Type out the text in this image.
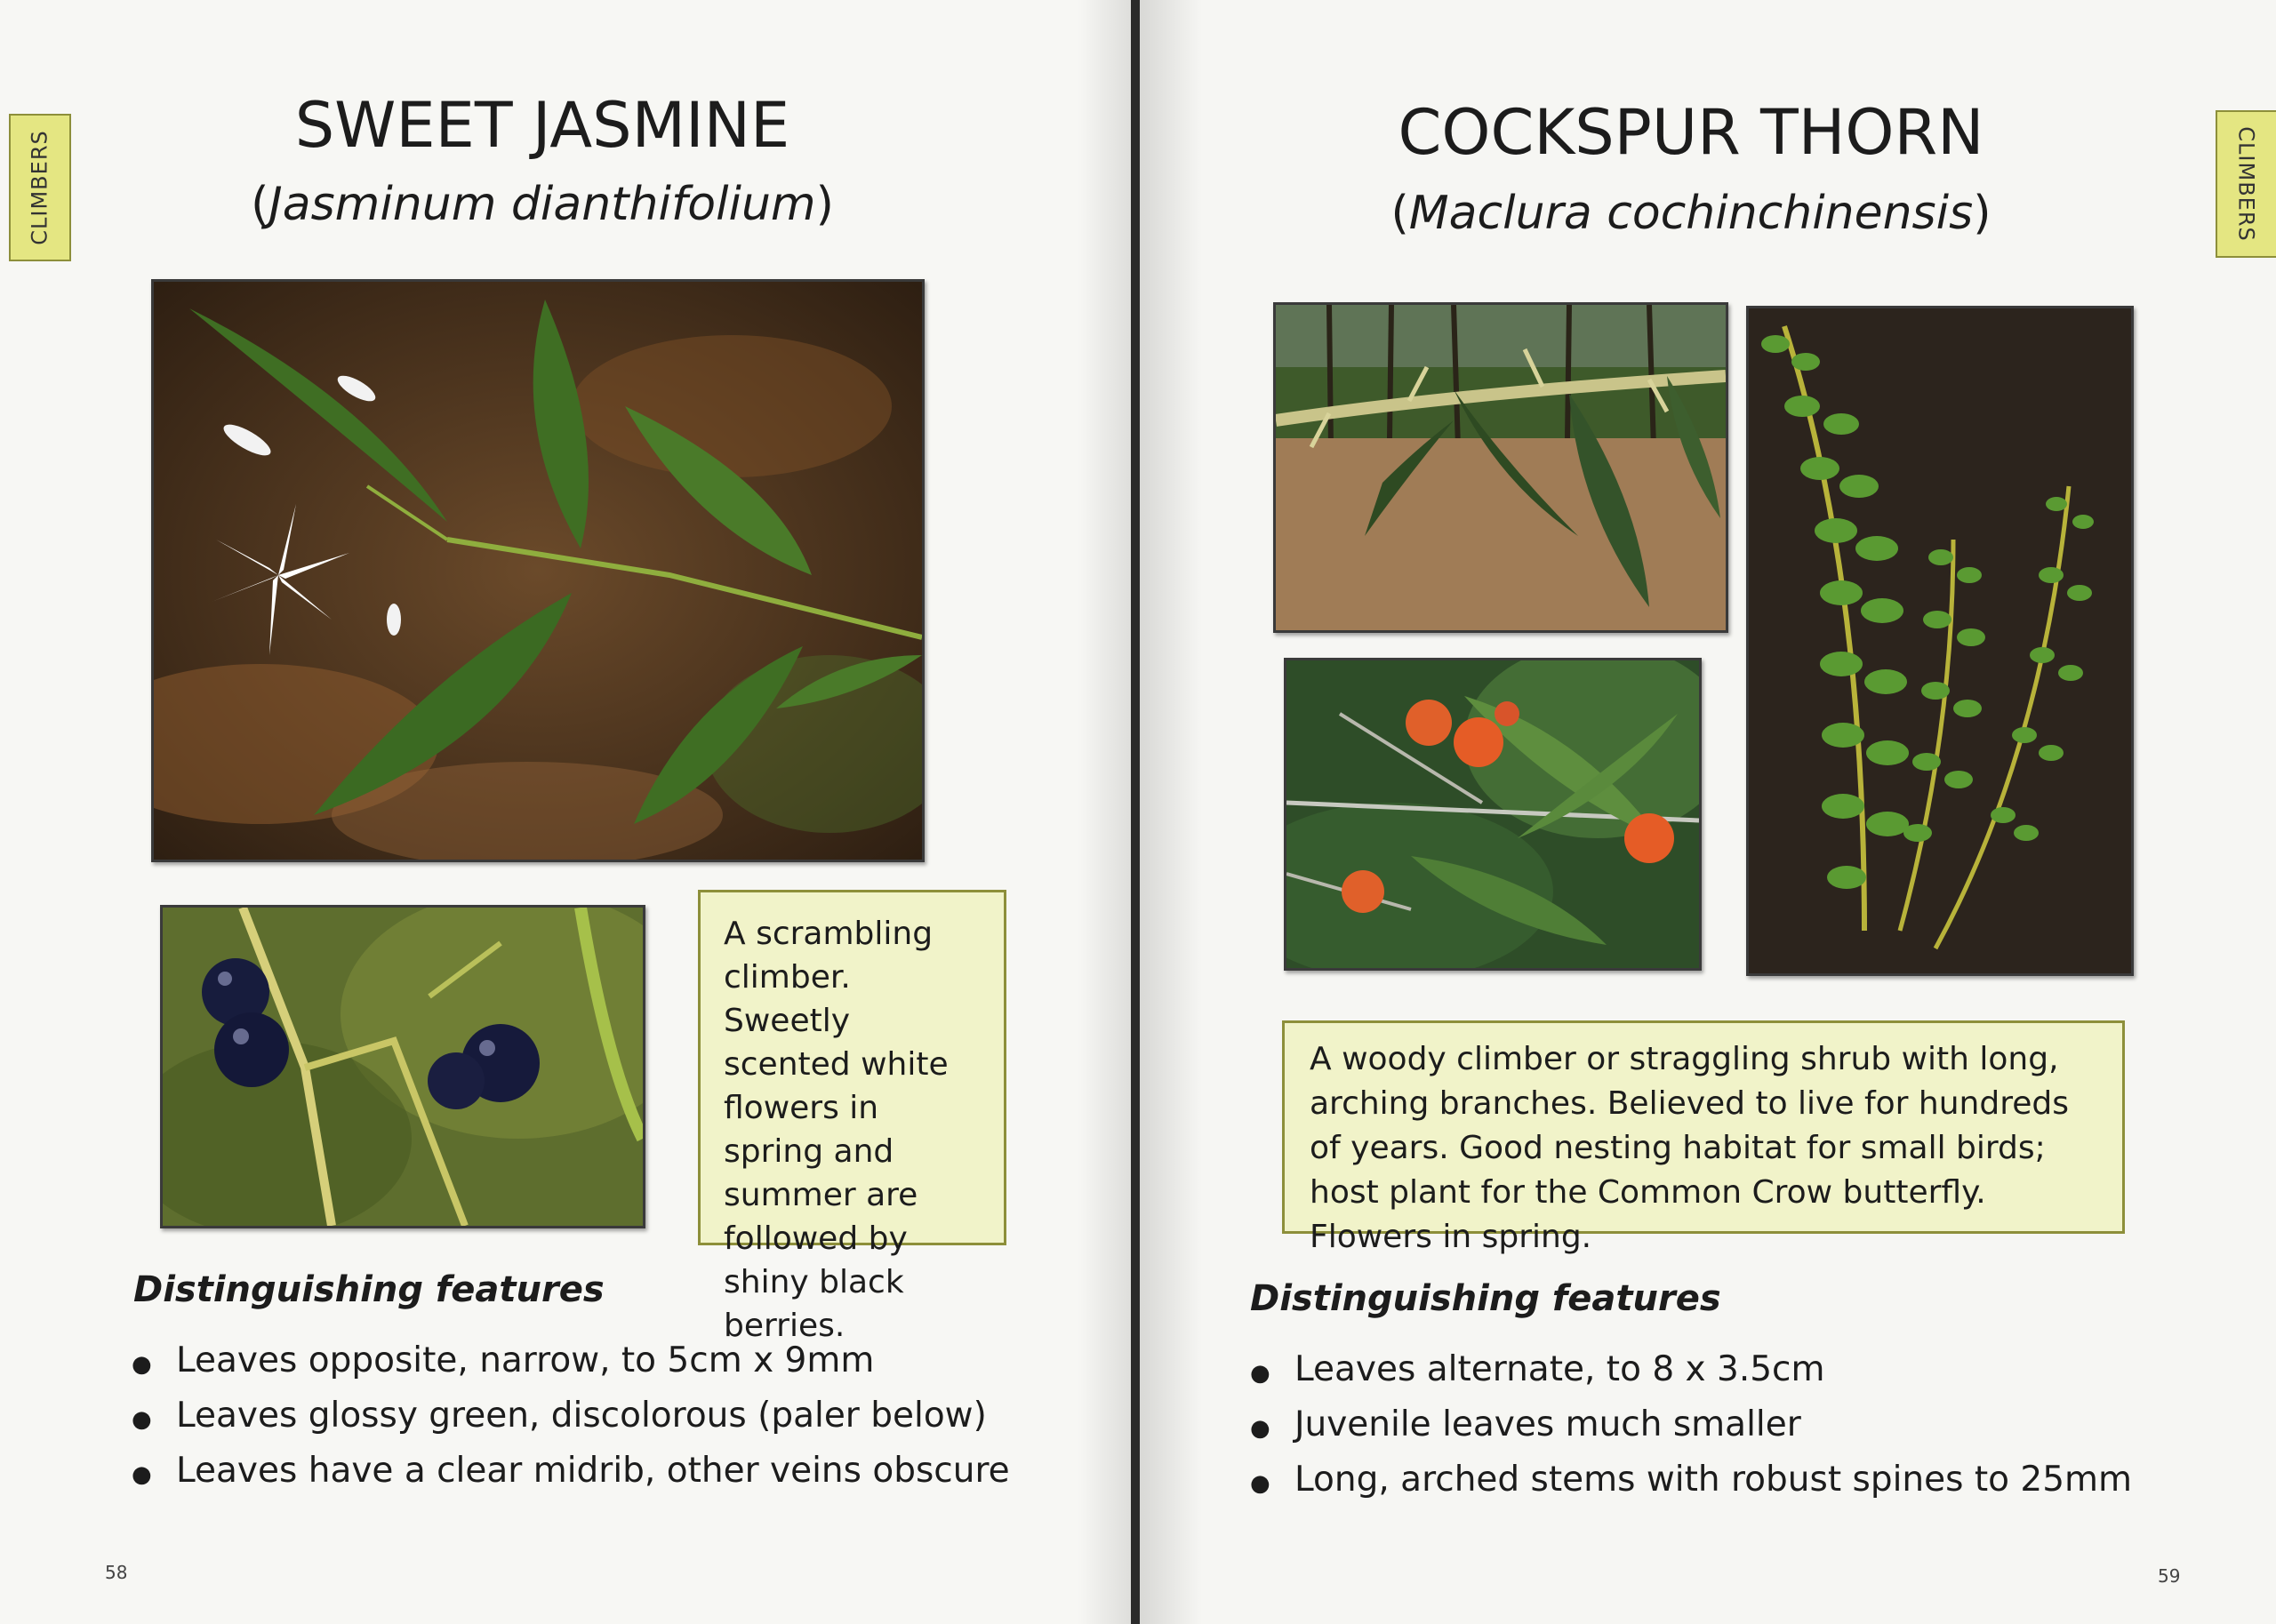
CLIMBERS
SWEET JASMINE
(Jasminum dianthifolium)
A scrambling climber. Sweetly scented white flowers in spring and summer are followed by shiny black berries.
Distinguishing features
● Leaves opposite, narrow, to 5cm x 9mm
● Leaves glossy green, discolorous (paler below)
● Leaves have a clear midrib, other veins obscure
58
CLIMBERS
COCKSPUR THORN
(Maclura cochinchinensis)
A woody climber or straggling shrub with long, arching branches. Believed to live for hundreds of years. Good nesting habitat for small birds; host plant for the Common Crow butterfly. Flowers in spring.
Distinguishing features
● Leaves alternate, to 8 x 3.5cm
● Juvenile leaves much smaller
● Long, arched stems with robust spines to 25mm
59
